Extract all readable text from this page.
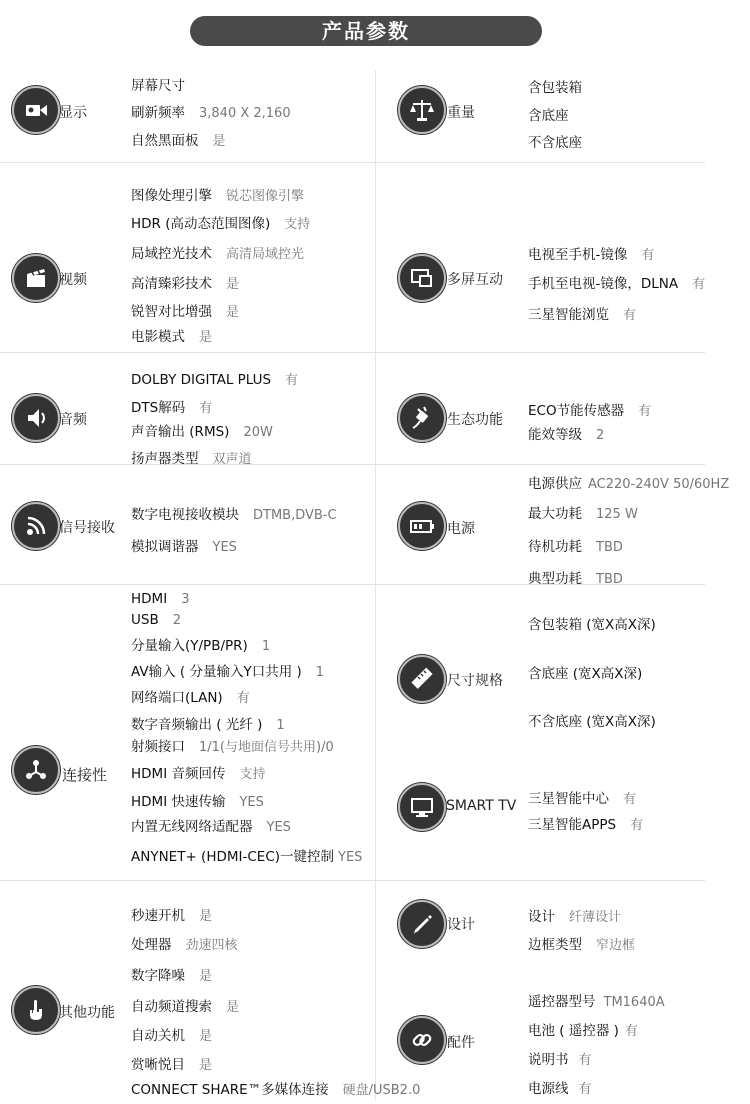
产品参数
显示
屏幕尺寸
刷新频率 3,840 X 2,160
自然黑面板 是
视频
图像处理引擎 锐芯图像引擎
HDR (高动态范围图像) 支持
局域控光技术 高清局域控光
高清臻彩技术 是
锐智对比增强 是
电影模式 是
音频
DOLBY DIGITAL PLUS 有
DTS解码 有
声音输出 (RMS) 20W
扬声器类型 双声道
信号接收
数字电视接收模块 DTMB,DVB-C
模拟调谐器 YES
连接性
HDMI 3
USB 2
分量输入(Y/PB/PR) 1
AV输入 ( 分量输入Y口共用 ) 1
网络端口(LAN) 有
数字音频输出 ( 光纤 ) 1
射频接口 1/1(与地面信号共用)/0
HDMI 音频回传 支持
HDMI 快速传输 YES
内置无线网络适配器 YES
ANYNET+ (HDMI-CEC)一键控制 YES
其他功能
秒速开机 是
处理器 劲速四核
数字降噪 是
自动频道搜索 是
自动关机 是
赏晰悦目 是
CONNECT SHARE™多媒体连接 硬盘/USB2.0
重量
含包装箱
含底座
不含底座
多屏互动
电视至手机-镜像 有
手机至电视-镜像，DLNA 有
三星智能浏览 有
生态功能
ECO节能传感器 有
能效等级 2
电源
电源供应 AC220-240V 50/60HZ
最大功耗 125 W
待机功耗 TBD
典型功耗 TBD
尺寸规格
含包装箱 (宽X高X深)
含底座 (宽X高X深)
不含底座 (宽X高X深)
SMART TV 三星智能中心 有
三星智能APPS 有
设计	设计 纤薄设计
边框类型 窄边框
配件
遥控器型号 TM1640A
电池 ( 遥控器 ) 有
说明书 有
电源线 有
